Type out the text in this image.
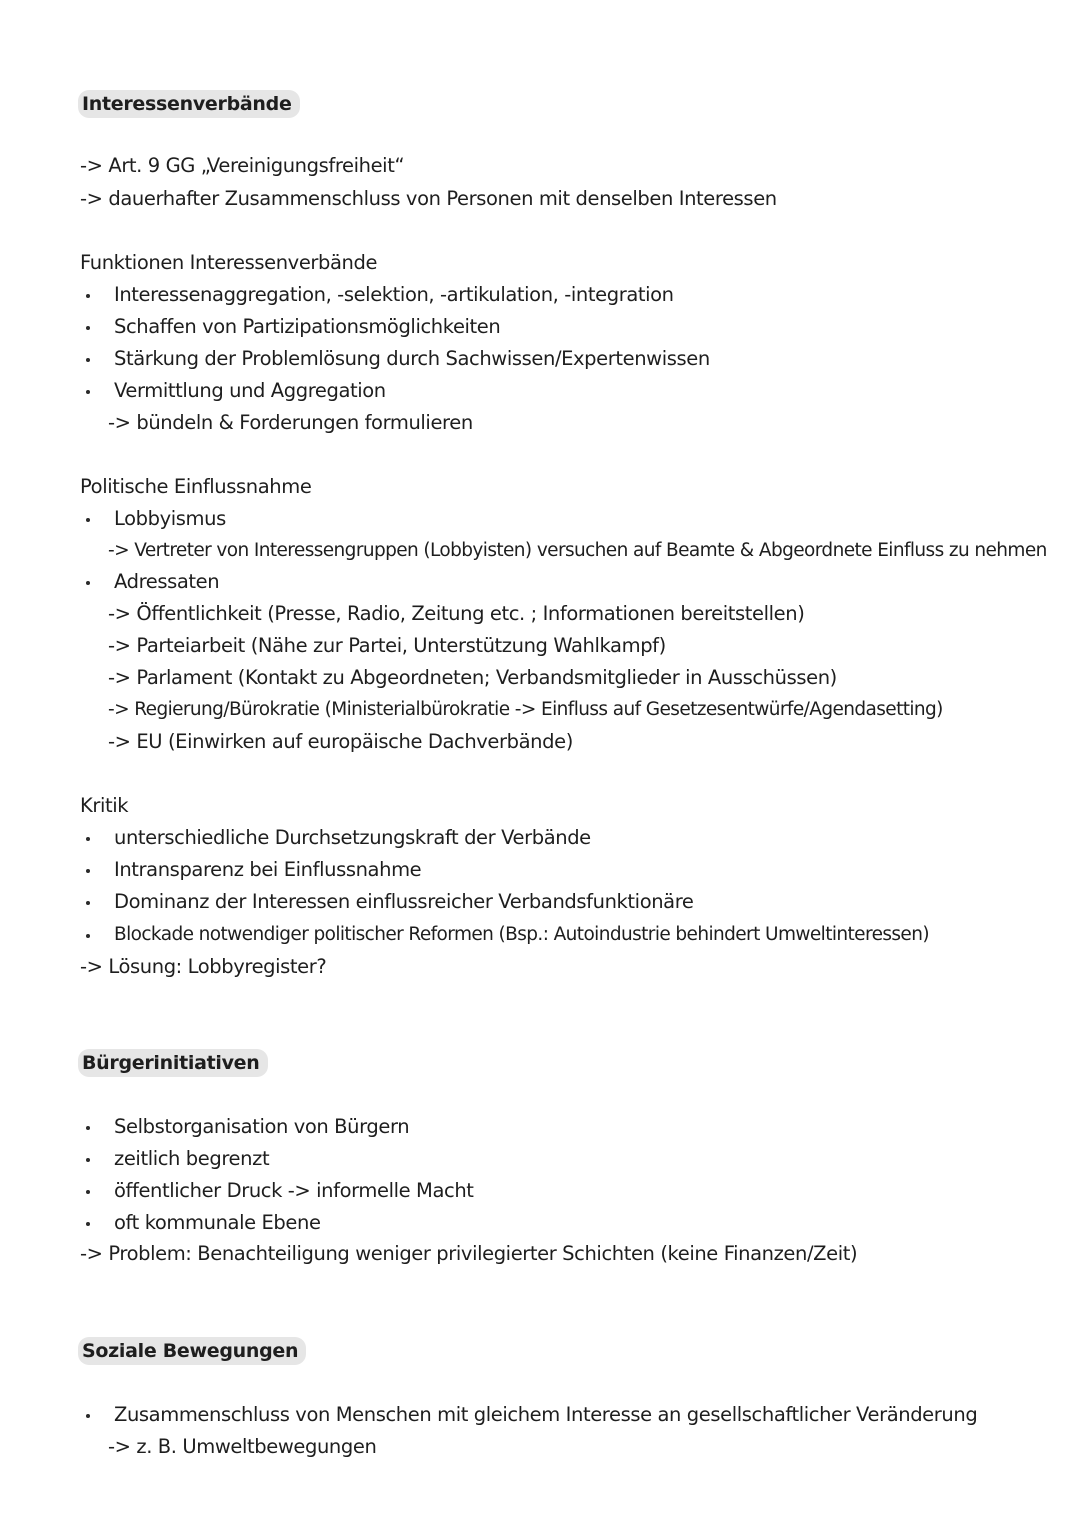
Interessenverbände
-> Art. 9 GG „Vereinigungsfreiheit“
-> dauerhafter Zusammenschluss von Personen mit denselben Interessen
Funktionen Interessenverbände
Interessenaggregation, -selektion, -artikulation, -integration
Schaffen von Partizipationsmöglichkeiten
Stärkung der Problemlösung durch Sachwissen/Expertenwissen
Vermittlung und Aggregation
-> bündeln & Forderungen formulieren
Politische Einflussnahme
Lobbyismus
-> Vertreter von Interessengruppen (Lobbyisten) versuchen auf Beamte & Abgeordnete Einfluss zu nehmen
Adressaten
-> Öffentlichkeit (Presse, Radio, Zeitung etc. ; Informationen bereitstellen)
-> Parteiarbeit (Nähe zur Partei, Unterstützung Wahlkampf)
-> Parlament (Kontakt zu Abgeordneten; Verbandsmitglieder in Ausschüssen)
-> Regierung/Bürokratie (Ministerialbürokratie -> Einfluss auf Gesetzesentwürfe/Agendasetting)
-> EU (Einwirken auf europäische Dachverbände)
Kritik
unterschiedliche Durchsetzungskraft der Verbände
Intransparenz bei Einflussnahme
Dominanz der Interessen einflussreicher Verbandsfunktionäre
Blockade notwendiger politischer Reformen (Bsp.: Autoindustrie behindert Umweltinteressen)
-> Lösung: Lobbyregister?
Bürgerinitiativen
Selbstorganisation von Bürgern
zeitlich begrenzt
öffentlicher Druck -> informelle Macht
oft kommunale Ebene
-> Problem: Benachteiligung weniger privilegierter Schichten (keine Finanzen/Zeit)
Soziale Bewegungen
Zusammenschluss von Menschen mit gleichem Interesse an gesellschaftlicher Veränderung
-> z. B. Umweltbewegungen
